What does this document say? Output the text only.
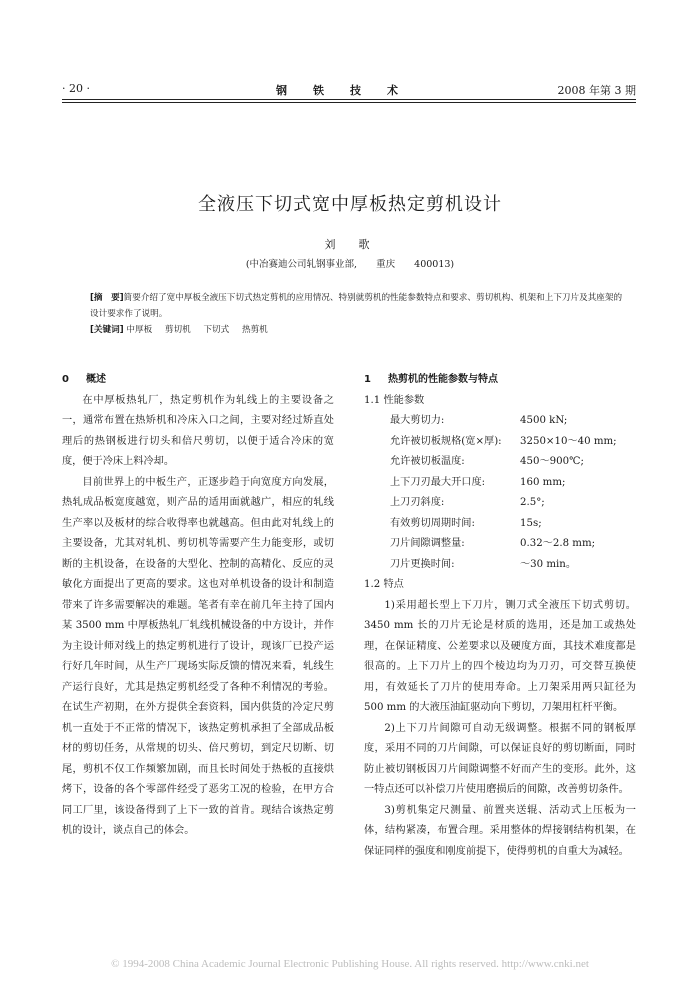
· 20 ·	钢铁技术	2008 年第 3 期
全液压下切式宽中厚板热定剪机设计
刘　歌
(中冶赛迪公司轧钢事业部, 重庆 400013)
[摘　要]简要介绍了宽中厚板全液压下切式热定剪机的应用情况、特别就剪机的性能参数特点和要求、剪切机构、机架和上下刀片及其座架的设计要求作了说明。
[关键词] 中厚板 剪切机 下切式 热剪机

0 概述

在中厚板热轧厂，热定剪机作为轧线上的主要设备之一，通常布置在热矫机和冷床入口之间，主要对经过矫直处理后的热钢板进行切头和倍尺剪切，以便于适合冷床的宽度，便于冷床上料冷却。

目前世界上的中板生产，正逐步趋于向宽度方向发展，热轧成品板宽度越宽，则产品的适用面就越广，相应的轧线生产率以及板材的综合收得率也就越高。但由此对轧线上的主要设备，尤其对轧机、剪切机等需要产生力能变形，或切断的主机设备，在设备的大型化、控制的高精化、反应的灵敏化方面提出了更高的要求。这也对单机设备的设计和制造带来了许多需要解决的难题。笔者有幸在前几年主持了国内某 3500 mm 中厚板热轧厂轧线机械设备的中方设计，并作为主设计师对线上的热定剪机进行了设计，现该厂已投产运行好几年时间，从生产厂现场实际反馈的情况来看，轧线生产运行良好，尤其是热定剪机经受了各种不利情况的考验。在试生产初期，在外方提供全套资料，国内供货的冷定尺剪机一直处于不正常的情况下，该热定剪机承担了全部成品板材的剪切任务，从常规的切头、倍尺剪切，到定尺切断、切尾，剪机不仅工作频繁加剧，而且长时间处于热板的直接烘烤下，设备的各个零部件经受了恶劣工况的检验，在甲方合同工厂里，该设备得到了上下一致的首肯。现结合该热定剪机的设计，谈点自己的体会。

1 热剪机的性能参数与特点

1.1 性能参数

最大剪切力:	4500 kN;
允许被切板规格(宽×厚):	3250×10～40 mm;
允许被切板温度:	450～900℃;
上下刀刃最大开口度:	160 mm;
上刀刃斜度:	2.5°;
有效剪切周期时间:	15s;
刀片间隙调整量:	0.32～2.8 mm;
刀片更换时间:	～30 min。

1.2 特点

1)采用超长型上下刀片，铡刀式全液压下切式剪切。3450 mm 长的刀片无论是材质的选用，还是加工或热处理，在保证精度、公差要求以及硬度方面，其技术难度都是很高的。上下刀片上的四个棱边均为刀刃，可交替互换使用，有效延长了刀片的使用寿命。上刀架采用两只缸径为 500 mm 的大液压油缸驱动向下剪切，刀架用杠杆平衡。

2)上下刀片间隙可自动无级调整。根据不同的钢板厚度，采用不同的刀片间隙，可以保证良好的剪切断面，同时防止被切钢板因刀片间隙调整不好而产生的变形。此外，这一特点还可以补偿刀片使用磨损后的间隙，改善剪切条件。

3)剪机集定尺测量、前置夹送辊、活动式上压板为一体，结构紧凑，布置合理。采用整体的焊接钢结构机架，在保证同样的强度和刚度前提下，使得剪机的自重大为减轻。

© 1994-2008 China Academic Journal Electronic Publishing House. All rights reserved. http://www.cnki.net
